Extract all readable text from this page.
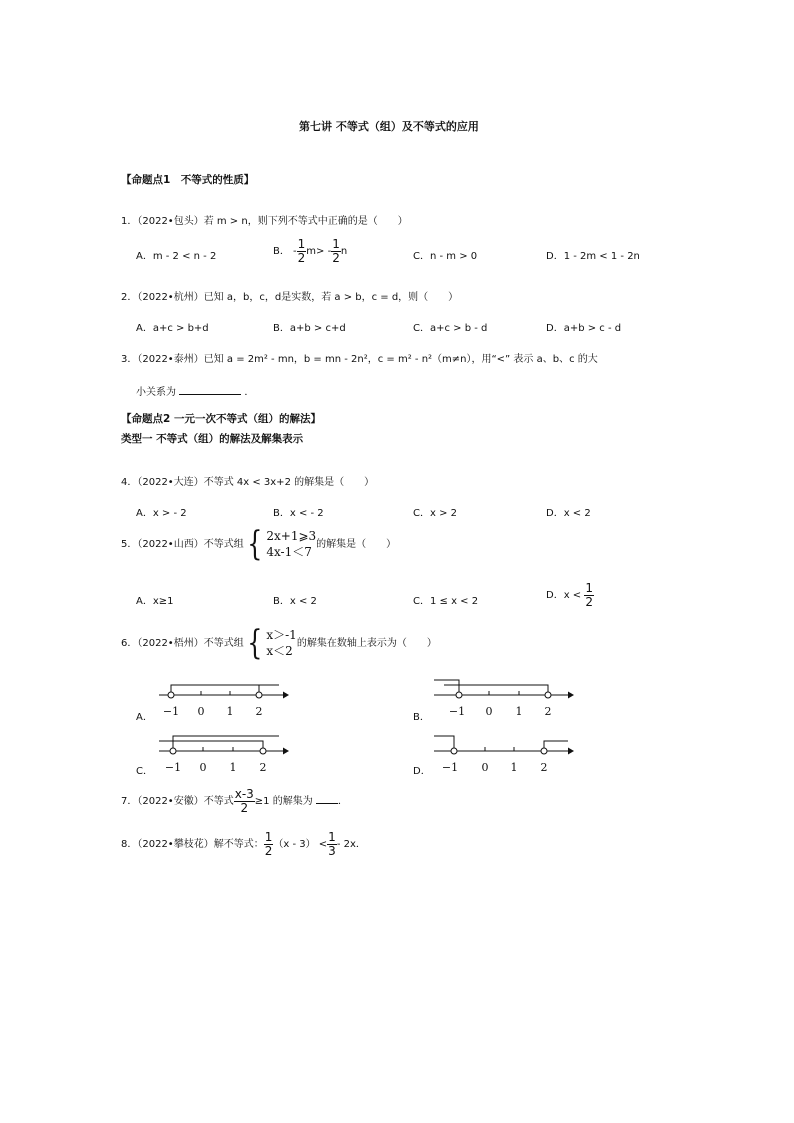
第七讲 不等式（组）及不等式的应用
【命题点1　不等式的性质】
1．（2022•包头）若 m > n，则下列不等式中正确的是（　　）
A．m - 2 < n - 2	B． - $\frac{1}{2} m> - \frac{1}{2}$ n	C．n - m > 0	D．1 - 2m < 1 - 2n
2．（2022•杭州）已知 a，b，c，d是实数，若 a > b，c = d，则（　　）
A．a+c > b+d	B．a+b > c+d	C．a+c > b - d	D．a+b > c - d
3．（2022•泰州）已知 a = 2m² - mn，b = mn - 2n²，c = m² - n²（m≠n），用“<” 表示 a、b、c 的大
小关系为	．
【命题点2 一元一次不等式（组）的解法】
类型一 不等式（组）的解法及解集表示
4．（2022•大连）不等式 4x < 3x+2 的解集是（　　）
A．x > - 2	B．x < - 2	C．x > 2	D．x < 2
5．（2022•山西）不等式组 { 2x+1⩾3
4x-1＜7
的解集是（　　）
A．x≥1	B．x < 2	C．1 ≤ x < 2
D．$x < \frac{1}{2}$
6．（2022•梧州）不等式组 { x＞-1
x＜2
的解集在数轴上表示为（　　）
A．	B．
C．	D．
−1 0 1 2	−1 0 1 2
−1 0 1 2	−1 0 1 2
7．（2022•安徽）不等式 $\frac{x-3}{2} \ge 1$ 的解集为	．
8．（2022•攀枝花）解不等式： $\frac{1}{2} (x - 3) < \frac{1}{3} - 2x$．
